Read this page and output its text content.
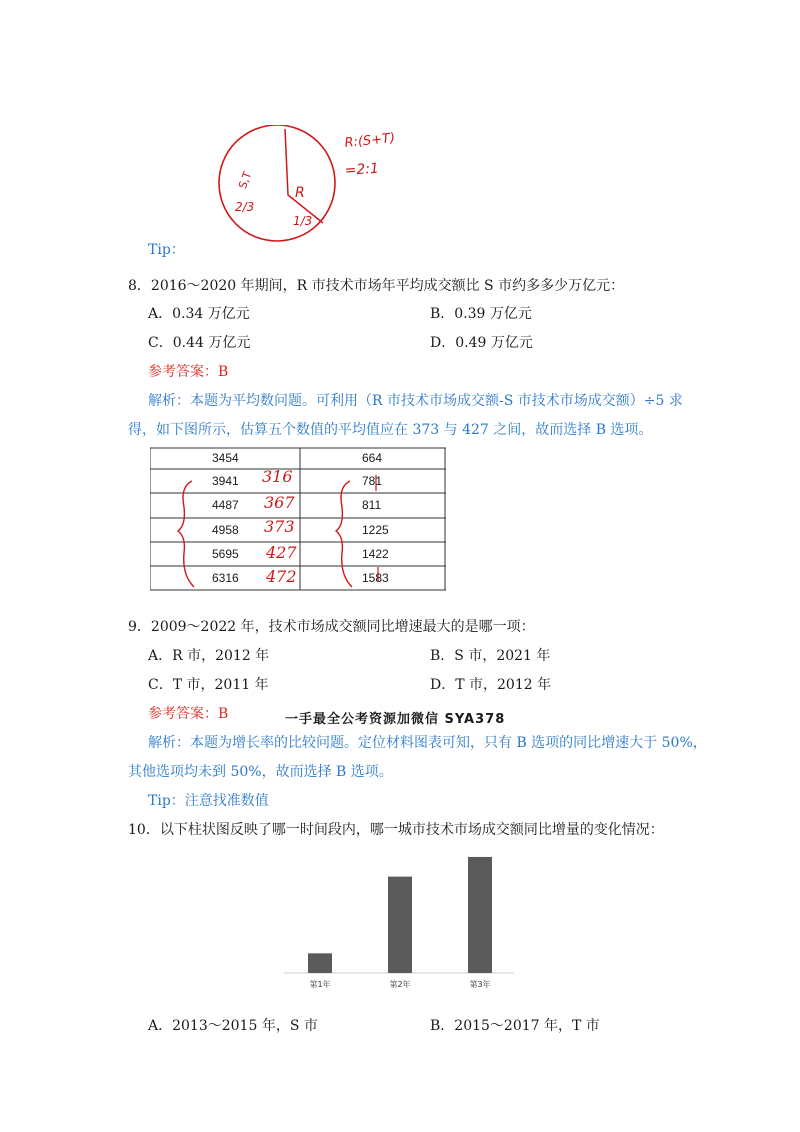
S,T
2/3
R
1/3
R:(S+T)
=2:1
Tip：
8．2016～2020 年期间，R 市技术市场年平均成交额比 S 市约多多少万亿元：
A．0.34 万亿元	B．0.39 万亿元
C．0.44 万亿元	D．0.49 万亿元
参考答案：B
解析：本题为平均数问题。可利用（R 市技术市场成交额-S 市技术市场成交额）÷5 求
得，如下图所示，估算五个数值的平均值应在 373 与 427 之间，故而选择 B 选项。
3454	664
3941	781
4487	811
4958	1225
5695	1422
6316	1583
316
367
373
427
472
9．2009～2022 年，技术市场成交额同比增速最大的是哪一项：
A．R 市，2012 年	B．S 市，2021 年
C．T 市，2011 年	D．T 市，2012 年
参考答案：B	一手最全公考资源加微信 SYA378
解析：本题为增长率的比较问题。定位材料图表可知，只有 B 选项的同比增速大于 50%，
其他选项均未到 50%，故而选择 B 选项。
Tip：注意找准数值
10．以下柱状图反映了哪一时间段内，哪一城市技术市场成交额同比增量的变化情况：
第1年	第2年	第3年
A．2013～2015 年，S 市	B．2015～2017 年，T 市
